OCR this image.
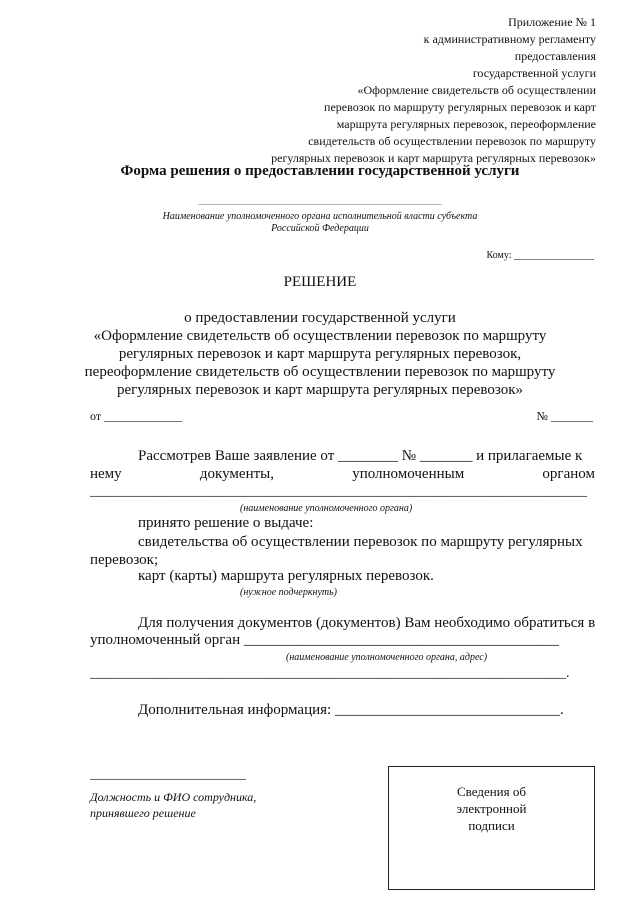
Приложение № 1
к административному регламенту
предоставления
государственной услуги
«Оформление свидетельств об осуществлении
перевозок по маршруту регулярных перевозок и карт
маршрута регулярных перевозок, переоформление
свидетельств об осуществлении перевозок по маршруту
регулярных перевозок и карт маршрута регулярных перевозок»
Форма решения о предоставлении государственной услуги
______________________________________________________
Наименование уполномоченного органа исполнительной власти субъекта
Российской Федерации
Кому: ________________
РЕШЕНИЕ
о предоставлении государственной услуги
«Оформление свидетельств об осуществлении перевозок по маршруту
регулярных перевозок и карт маршрута регулярных перевозок,
переоформление свидетельств об осуществлении перевозок по маршруту
регулярных перевозок и карт маршрута регулярных перевозок»
от _____________	№ _______
Рассмотрев Ваше заявление от ________ № _______ и прилагаемые к
нему	документы,	уполномоченным	органом
_______________________________________________________________________
(наименование уполномоченного органа)
принято решение о выдаче:
свидетельства об осуществлении перевозок по маршруту регулярных
перевозок;
карт (карты) маршрута регулярных перевозок.
(нужное подчеркнуть)
Для получения документов (документов) Вам необходимо обратиться в
уполномоченный орган __________________________________________
(наименование уполномоченного органа, адрес)
____________________________________________________________________.
Дополнительная информация: ______________________________.
________________________
Должность и ФИО сотрудника,
принявшего решение
Сведения об
электронной
подписи
